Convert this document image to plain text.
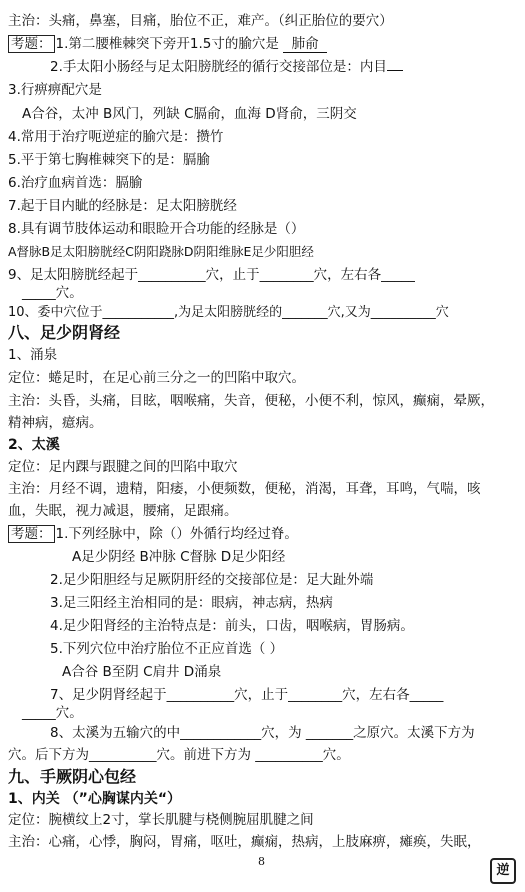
主治：头痛，鼻塞，目痛，胎位不正，难产。（纠正胎位的要穴）
考题： 1.第二腰椎棘突下旁开1.5寸的腧穴是 肺俞
2.手太阳小肠经与足太阳膀胱经的循行交接部位是：内目
3.行痹痹配穴是
A合谷，太冲 B风门，列缺 C膈俞，血海 D肾俞，三阴交
4.常用于治疗呃逆症的腧穴是：攒竹
5.平于第七胸椎棘突下的是：膈腧
6.治疗血病首选：膈腧
7.起于目内眦的经脉是：足太阳膀胱经
8.具有调节肢体运动和眼睑开合功能的经脉是（）
A督脉B足太阳膀胱经C阴阳跷脉D阴阳维脉E足少阳胆经
9、足太阳膀胱经起于__________穴，止于________穴，左右各_____
_____穴。
10、委中穴位于___________,为足太阳膀胱经的_______穴,又为__________穴
八、足少阴肾经
1、涌泉
定位：蜷足时，在足心前三分之一的凹陷中取穴。
主治：头昏，头痛，目眩，咽喉痛，失音，便秘，小便不利，惊风，癫痫，晕厥，
精神病，癔病。
2、太溪
定位：足内踝与跟腱之间的凹陷中取穴
主治：月经不调，遗精，阳痿，小便频数，便秘，消渴，耳聋，耳鸣，气喘，咳
血，失眠，视力减退，腰痛，足跟痛。
考题： 1.下列经脉中，除（）外循行均经过脊。
A足少阴经 B冲脉 C督脉 D足少阳经
2.足少阳胆经与足厥阴肝经的交接部位是：足大趾外端
3.足三阳经主治相同的是：眼病，神志病，热病
4.足少阳肾经的主治特点是：前头，口齿，咽喉病，胃肠病。
5.下列穴位中治疗胎位不正应首选（ ）
A合谷 B至阴 C肩井 D涌泉
7、足少阴肾经起于__________穴，止于________穴，左右各_____
_____穴。
8、太溪为五输穴的中____________穴，为 _______之原穴。太溪下方为
穴。后下方为__________穴。前进下方为 __________穴。
九、手厥阴心包经
1、内关 （”心胸谋内关“）
定位：腕横纹上2寸，掌长肌腱与桡侧腕屈肌腱之间
主治：心痛，心悸，胸闷，胃痛，呕吐，癫痫，热病，上肢麻痹，瘫痪，失眠，
8
逆
